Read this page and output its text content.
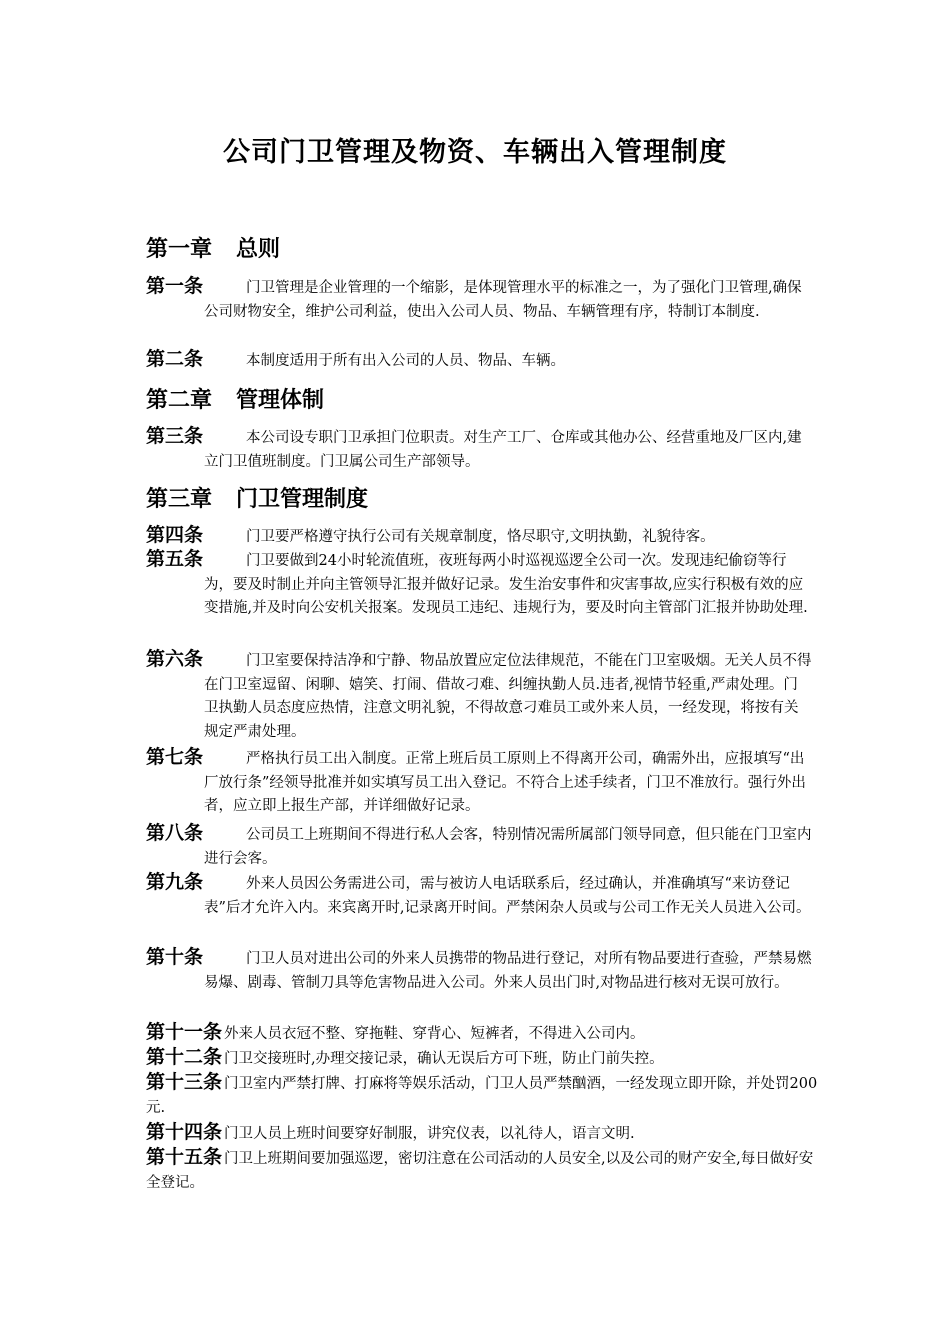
公司门卫管理及物资、车辆出入管理制度
第一章 总则
第一条	门卫管理是企业管理的一个缩影，是体现管理水平的标准之一，为了强化门卫管理,确保公司财物安全，维护公司利益，使出入公司人员、物品、车辆管理有序，特制订本制度.
第二条	本制度适用于所有出入公司的人员、物品、车辆。
第二章 管理体制
第三条	本公司设专职门卫承担门位职责。对生产工厂、仓库或其他办公、经营重地及厂区内,建立门卫值班制度。门卫属公司生产部领导。
第三章 门卫管理制度
第四条	门卫要严格遵守执行公司有关规章制度，恪尽职守,文明执勤，礼貌待客。
第五条	门卫要做到24小时轮流值班，夜班每两小时巡视巡逻全公司一次。发现违纪偷窃等行为，要及时制止并向主管领导汇报并做好记录。发生治安事件和灾害事故,应实行积极有效的应变措施,并及时向公安机关报案。发现员工违纪、违规行为，要及时向主管部门汇报并协助处理.
第六条	门卫室要保持洁净和宁静、物品放置应定位法律规范，不能在门卫室吸烟。无关人员不得在门卫室逗留、闲聊、嬉笑、打闹、借故刁难、纠缠执勤人员.违者,视情节轻重,严肃处理。门卫执勤人员态度应热情，注意文明礼貌，不得故意刁难员工或外来人员，一经发现，将按有关规定严肃处理。
第七条	严格执行员工出入制度。正常上班后员工原则上不得离开公司，确需外出，应报填写“出厂放行条”经领导批准并如实填写员工出入登记。不符合上述手续者，门卫不准放行。强行外出者，应立即上报生产部，并详细做好记录。
第八条	公司员工上班期间不得进行私人会客，特别情况需所属部门领导同意，但只能在门卫室内进行会客。
第九条	外来人员因公务需进公司，需与被访人电话联系后，经过确认，并准确填写“来访登记表”后才允许入内。来宾离开时,记录离开时间。严禁闲杂人员或与公司工作无关人员进入公司。
第十条	门卫人员对进出公司的外来人员携带的物品进行登记，对所有物品要进行查验，严禁易燃易爆、剧毒、管制刀具等危害物品进入公司。外来人员出门时,对物品进行核对无误可放行。
第十一条 外来人员衣冠不整、穿拖鞋、穿背心、短裤者，不得进入公司内。
第十二条 门卫交接班时,办理交接记录，确认无误后方可下班，防止门前失控。
第十三条 门卫室内严禁打牌、打麻将等娱乐活动，门卫人员严禁酗酒，一经发现立即开除，并处罚200元.
第十四条 门卫人员上班时间要穿好制服，讲究仪表，以礼待人，语言文明.
第十五条 门卫上班期间要加强巡逻，密切注意在公司活动的人员安全,以及公司的财产安全,每日做好安全登记。
